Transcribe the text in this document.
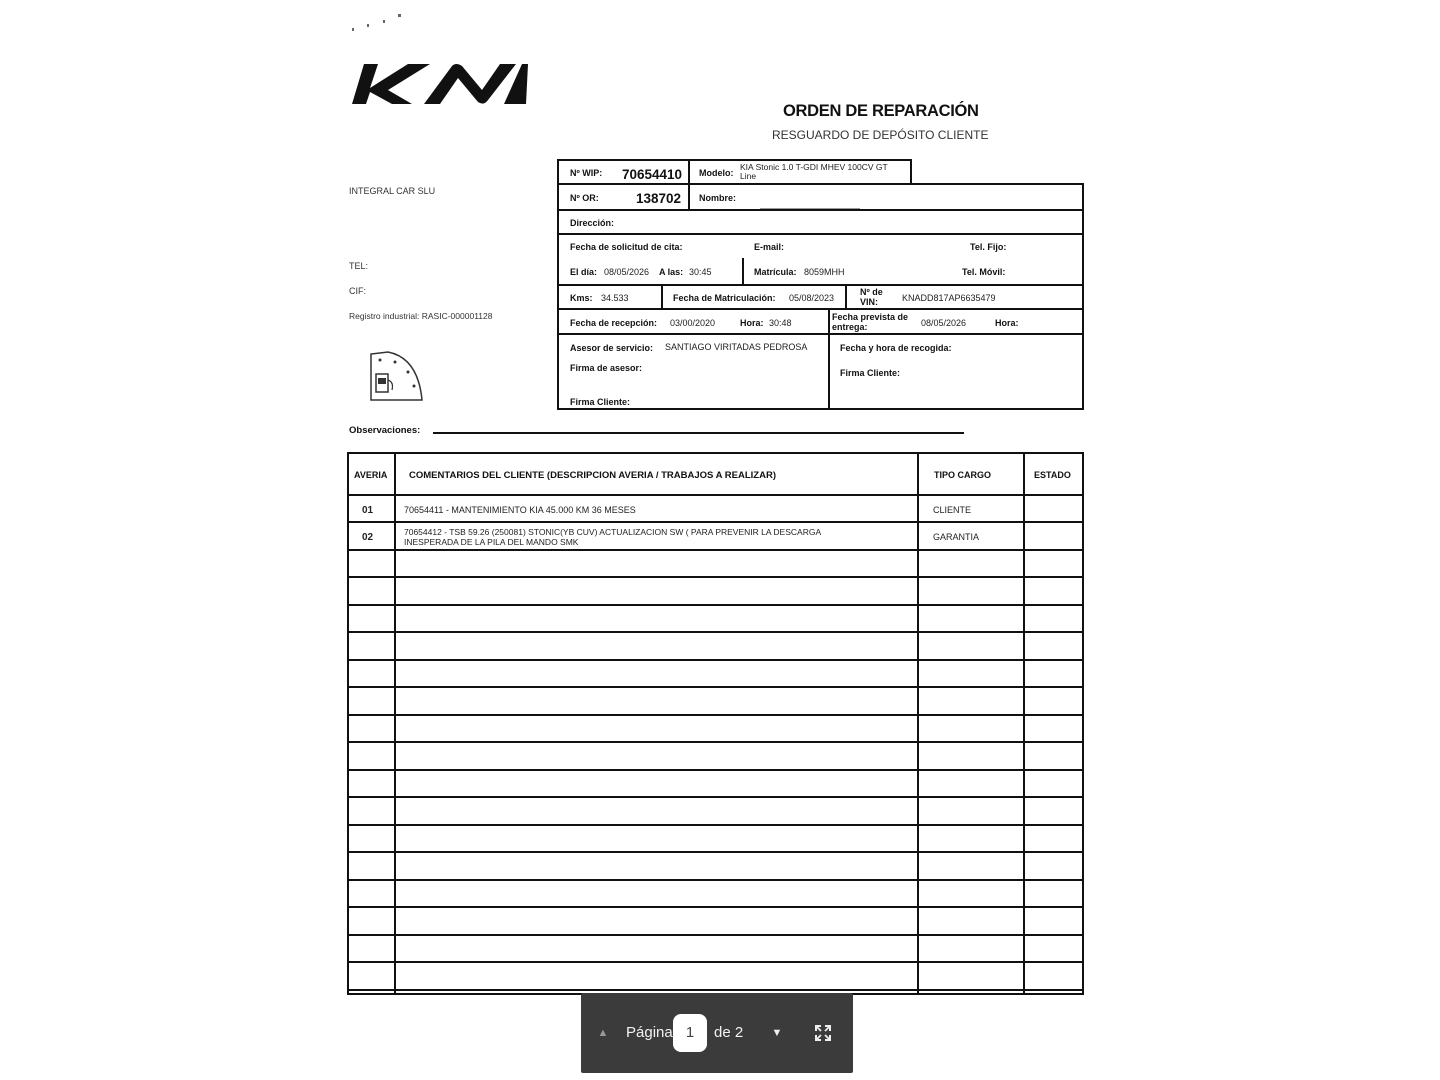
ORDEN DE REPARACIÓN
RESGUARDO DE DEPÓSITO CLIENTE
INTEGRAL CAR SLU
TEL:
CIF:
Registro industrial: RASIC-000001128
Nº WIP: 70654410 Modelo:
KIA Stonic 1.0 T-GDI MHEV 100CV GT Line
Nº OR:	138702 Nombre:
Dirección:
Fecha de solicitud de cita:	E-mail:	Tel. Fijo:
El día: 08/05/2026 A las: 30:45	Matrícula: 8059MHH	Tel. Móvil:
Kms: 34.533	Fecha de Matriculación: 05/08/2023
Nº de VIN:	KNADD817AP6635479
Fecha de recepción: 03/00/2020	Hora: 30:48
Fecha prevista de entrega:	08/05/2026	Hora:
Asesor de servicio: SANTIAGO VIRITADAS PEDROSA
Firma de asesor:
Firma Cliente:
Fecha y hora de recogida:
Firma Cliente:
Observaciones:
AVERIA COMENTARIOS DEL CLIENTE (DESCRIPCION AVERIA / TRABAJOS A REALIZAR)	TIPO CARGO	ESTADO
01	70654411 - MANTENIMIENTO KIA 45.000 KM 36 MESES	CLIENTE
02	70654412 - TSB 59.26 (250081) STONIC(YB CUV) ACTUALIZACION SW ( PARA PREVENIR LA DESCARGA
INESPERADA DE LA PILA DEL MANDO SMK	GARANTIA
▲	Página 1	de 2	▼
